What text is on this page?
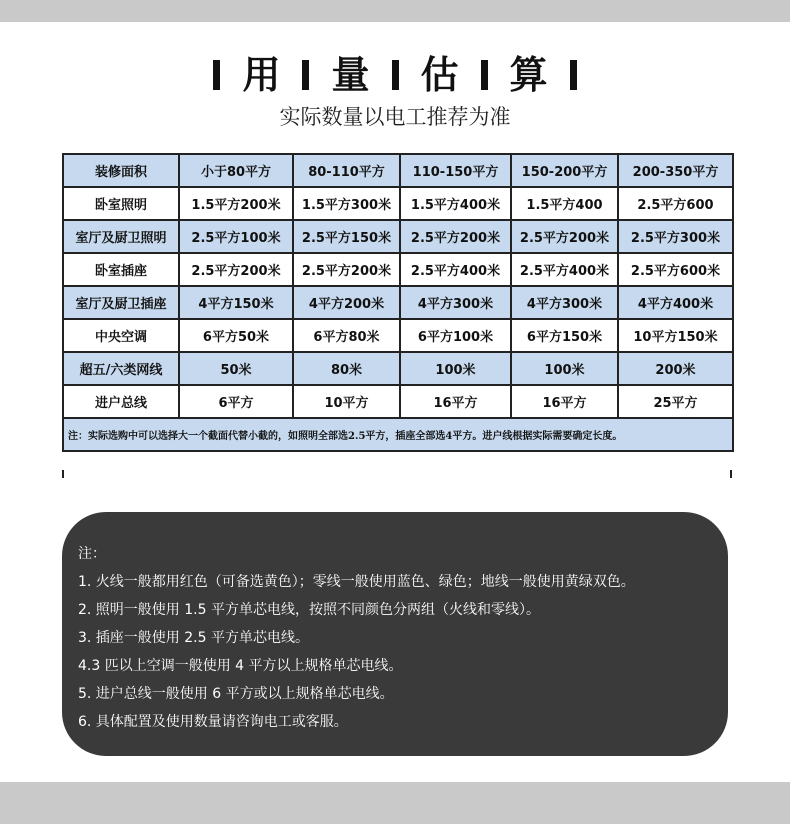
用 量 估 算
实际数量以电工推荐为准
装修面积	小于80平方	80-110平方	110-150平方	150-200平方	200-350平方
卧室照明	1.5平方200米	1.5平方300米	1.5平方400米	1.5平方400	2.5平方600
室厅及厨卫照明	2.5平方100米	2.5平方150米	2.5平方200米	2.5平方200米	2.5平方300米
卧室插座	2.5平方200米	2.5平方200米	2.5平方400米	2.5平方400米	2.5平方600米
室厅及厨卫插座	4平方150米	4平方200米	4平方300米	4平方300米	4平方400米
中央空调	6平方50米	6平方80米	6平方100米	6平方150米	10平方150米
超五/六类网线	50米	80米	100米	100米	200米
进户总线	6平方	10平方	16平方	16平方	25平方
注：实际选购中可以选择大一个截面代替小截的，如照明全部选2.5平方，插座全部选4平方。进户线根据实际需要确定长度。					
注：
1. 火线一般都用红色（可备选黄色）；零线一般使用蓝色、绿色；地线一般使用黄绿双色。
2. 照明一般使用 1.5 平方单芯电线，按照不同颜色分两组（火线和零线）。
3. 插座一般使用 2.5 平方单芯电线。
4.3 匹以上空调一般使用 4 平方以上规格单芯电线。
5. 进户总线一般使用 6 平方或以上规格单芯电线。
6. 具体配置及使用数量请咨询电工或客服。
